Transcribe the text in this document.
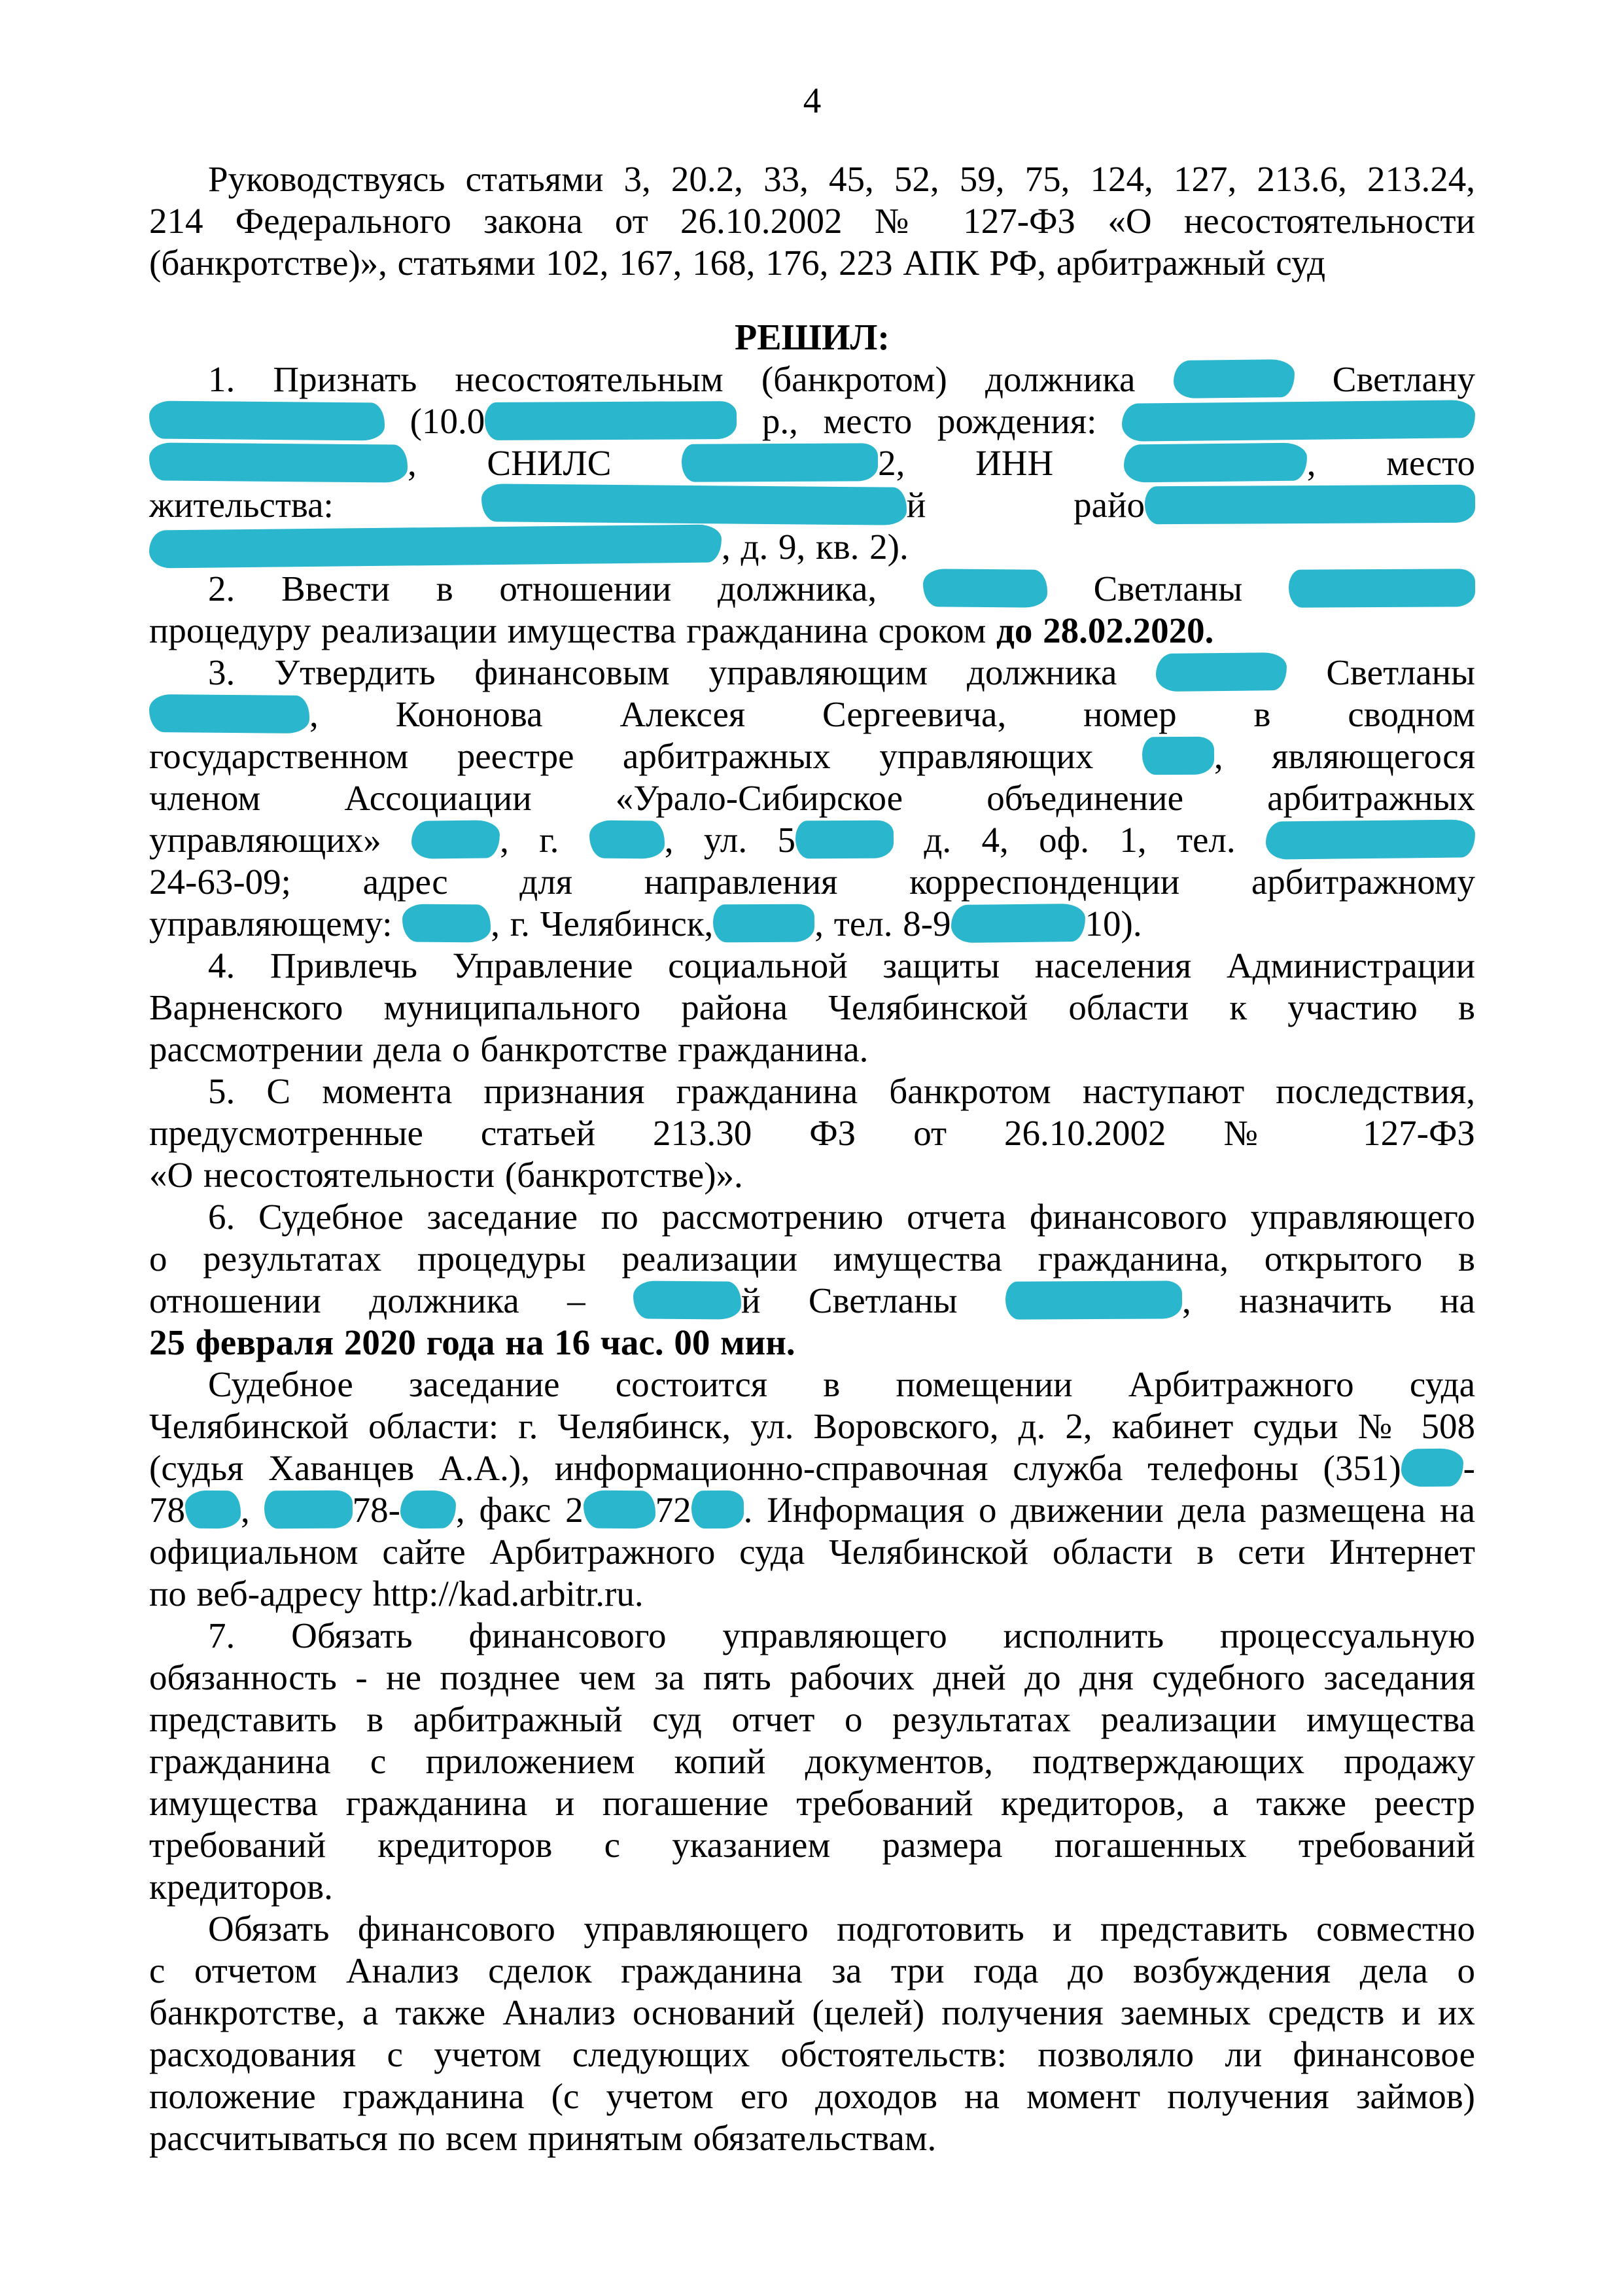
4
Руководствуясь статьями 3, 20.2, 33, 45, 52, 59, 75, 124, 127, 213.6, 213.24,
214 Федерального закона от 26.10.2002 № 127-ФЗ «О несостоятельности
(банкротстве)», статьями 102, 167, 168, 176, 223 АПК РФ, арбитражный суд
РЕШИЛ:
1. Признать несостоятельным (банкротом) должника	Светлану
(10.0	р., место рождения:
, СНИЛС	2, ИНН	, место
жительства:	й райо
, д. 9, кв. 2).
2. Ввести в отношении должника,	Светланы
процедуру реализации имущества гражданина сроком до 28.02.2020.
3. Утвердить финансовым управляющим должника	Светланы
, Кононова Алексея Сергеевича, номер в сводном
государственном реестре арбитражных управляющих , являющегося
членом Ассоциации «Урало-Сибирское объединение арбитражных
управляющих» , г. , ул. 5	д. 4, оф. 1, тел.
24-63-09; адрес для направления корреспонденции арбитражному
управляющему: , г. Челябинск,	, тел. 8-9	10).
4. Привлечь Управление социальной защиты населения Администрации
Варненского муниципального района Челябинской области к участию в
рассмотрении дела о банкротстве гражданина.
5. С момента признания гражданина банкротом наступают последствия,
предусмотренные статьей 213.30 ФЗ от 26.10.2002 № 127-ФЗ
«О несостоятельности (банкротстве)».
6. Судебное заседание по рассмотрению отчета финансового управляющего
о результатах процедуры реализации имущества гражданина, открытого в
отношении должника –	й Светланы	, назначить на
25 февраля 2020 года на 16 час. 00 мин.
Судебное заседание состоится в помещении Арбитражного суда
Челябинской области: г. Челябинск, ул. Воровского, д. 2, кабинет судьи № 508
(судья Хаванцев А.А.), информационно-справочная служба телефоны (351) -
78 , 78- , факс 2 72 . Информация о движении дела размещена на
официальном сайте Арбитражного суда Челябинской области в сети Интернет
по веб-адресу http://kad.arbitr.ru.
7. Обязать финансового управляющего исполнить процессуальную
обязанность - не позднее чем за пять рабочих дней до дня судебного заседания
представить в арбитражный суд отчет о результатах реализации имущества
гражданина с приложением копий документов, подтверждающих продажу
имущества гражданина и погашение требований кредиторов, а также реестр
требований кредиторов с указанием размера погашенных требований
кредиторов.
Обязать финансового управляющего подготовить и представить совместно
с отчетом Анализ сделок гражданина за три года до возбуждения дела о
банкротстве, а также Анализ оснований (целей) получения заемных средств и их
расходования с учетом следующих обстоятельств: позволяло ли финансовое
положение гражданина (с учетом его доходов на момент получения займов)
рассчитываться по всем принятым обязательствам.
